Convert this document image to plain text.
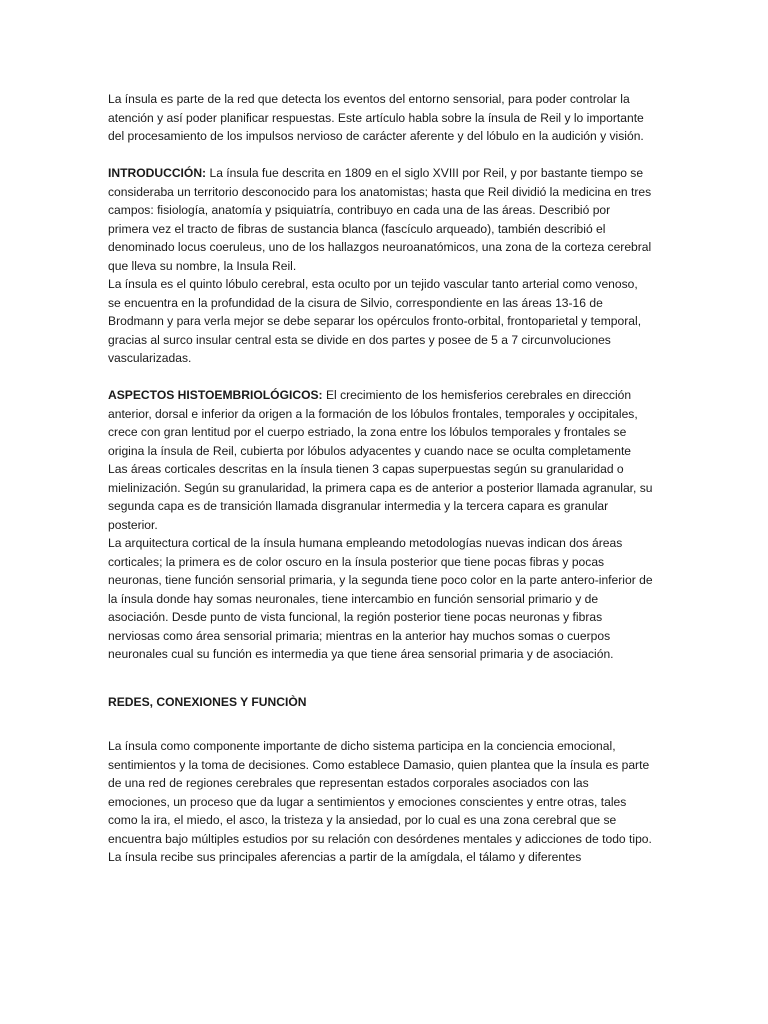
La ínsula es parte de la red que detecta los eventos del entorno sensorial, para poder controlar la atención y así poder planificar respuestas. Este artículo habla sobre la ínsula de Reil y lo importante del procesamiento de los impulsos nervioso de carácter aferente y del lóbulo en la audición y visión.

INTRODUCCIÓN: La ínsula fue descrita en 1809 en el siglo XVIII por Reil, y por bastante tiempo se consideraba un territorio desconocido para los anatomistas; hasta que Reil dividió la medicina en tres campos: fisiología, anatomía y psiquiatría, contribuyo en cada una de las áreas. Describió por primera vez el tracto de fibras de sustancia blanca (fascículo arqueado), también describió el denominado locus coeruleus, uno de los hallazgos neuroanatómicos, una zona de la corteza cerebral que lleva su nombre, la Insula Reil.

La ínsula es el quinto lóbulo cerebral, esta oculto por un tejido vascular tanto arterial como venoso, se encuentra en la profundidad de la cisura de Silvio, correspondiente en las áreas 13-16 de Brodmann y para verla mejor se debe separar los opérculos fronto-orbital, frontoparietal y temporal, gracias al surco insular central esta se divide en dos partes y posee de 5 a 7 circunvoluciones vascularizadas.

ASPECTOS HISTOEMBRIOLÓGICOS: El crecimiento de los hemisferios cerebrales en dirección anterior, dorsal e inferior da origen a la formación de los lóbulos frontales, temporales y occipitales, crece con gran lentitud por el cuerpo estriado, la zona entre los lóbulos temporales y frontales se origina la ínsula de Reil, cubierta por lóbulos adyacentes y cuando nace se oculta completamente

Las áreas corticales descritas en la ínsula tienen 3 capas superpuestas según su granularidad o mielinización. Según su granularidad, la primera capa es de anterior a posterior llamada agranular, su segunda capa es de transición llamada disgranular intermedia y la tercera capara es granular posterior.

La arquitectura cortical de la ínsula humana empleando metodologías nuevas indican dos áreas corticales; la primera es de color oscuro en la ínsula posterior que tiene pocas fibras y pocas neuronas, tiene función sensorial primaria, y la segunda tiene poco color en la parte antero-inferior de la ínsula donde hay somas neuronales, tiene intercambio en función sensorial primario y de asociación. Desde punto de vista funcional, la región posterior tiene pocas neuronas y fibras nerviosas como área sensorial primaria; mientras en la anterior hay muchos somas o cuerpos neuronales cual su función es intermedia ya que tiene área sensorial primaria y de asociación.

REDES, CONEXIONES Y FUNCIÒN

La ínsula como componente importante de dicho sistema participa en la conciencia emocional, sentimientos y la toma de decisiones. Como establece Damasio, quien plantea que la ínsula es parte de una red de regiones cerebrales que representan estados corporales asociados con las emociones, un proceso que da lugar a sentimientos y emociones conscientes y entre otras, tales como la ira, el miedo, el asco, la tristeza y la ansiedad, por lo cual es una zona cerebral que se encuentra bajo múltiples estudios por su relación con desórdenes mentales y adicciones de todo tipo. La ínsula recibe sus principales aferencias a partir de la amígdala, el tálamo y diferentes
